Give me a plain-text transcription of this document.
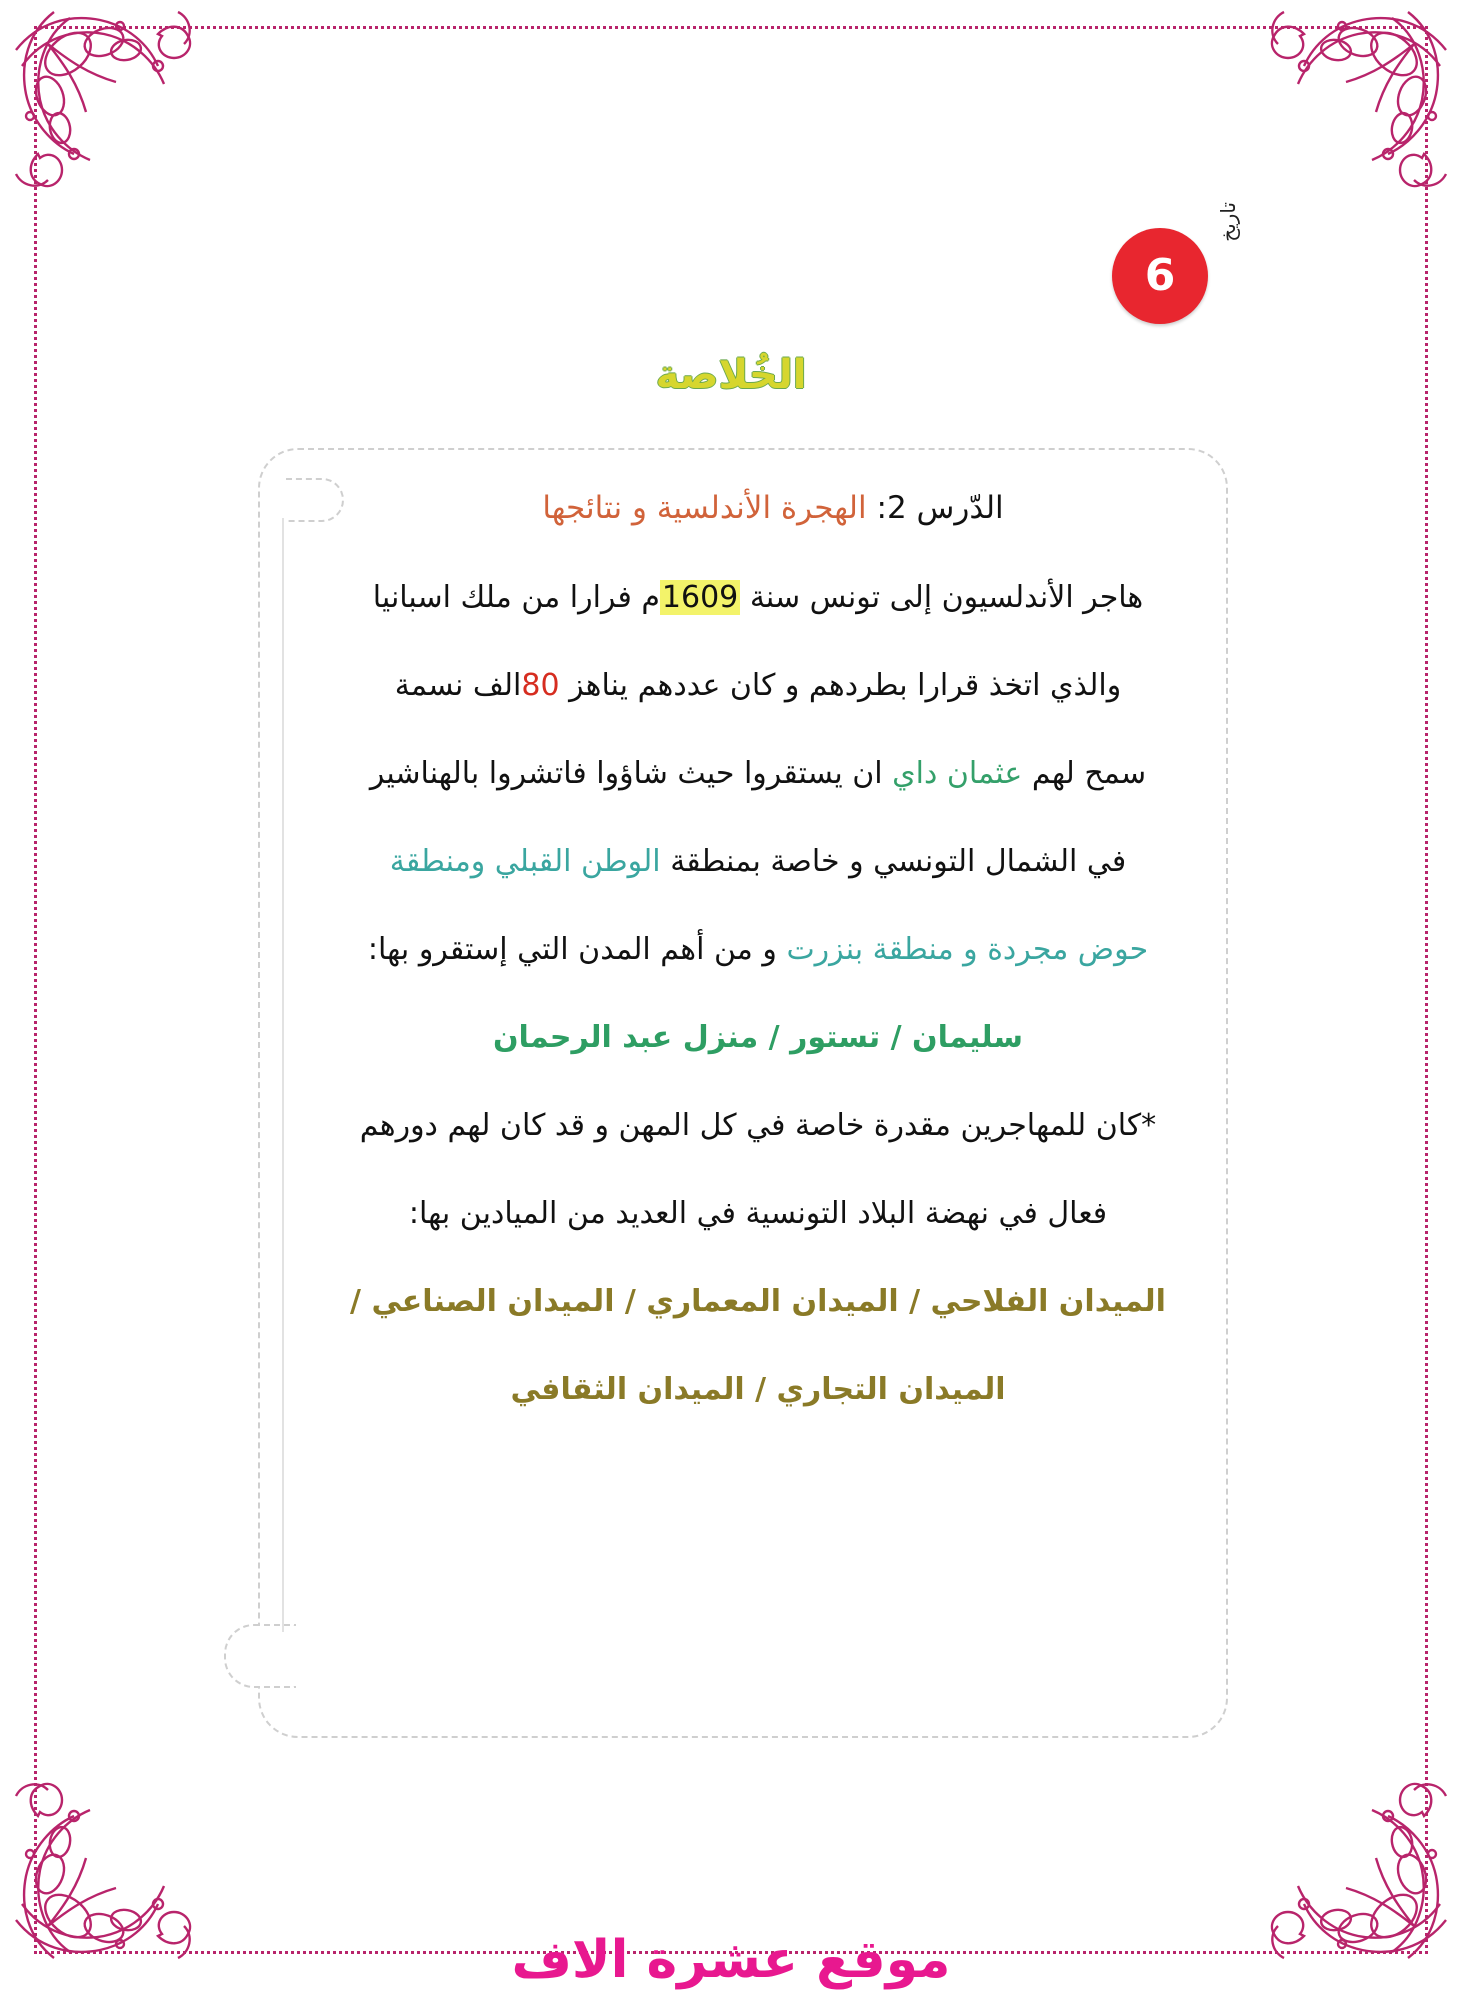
تاريخ
6
الخُلاصة
الدّرس 2: الهجرة الأندلسية و نتائجها

هاجر الأندلسيون إلى تونس سنة 1609م فرارا من ملك اسبانيا

والذي اتخذ قرارا بطردهم و كان عددهم يناهز 80الف نسمة

سمح لهم عثمان داي ان يستقروا حيث شاؤوا فاتشروا بالهناشير

في الشمال التونسي و خاصة بمنطقة الوطن القبلي ومنطقة

حوض مجردة و منطقة بنزرت و من أهم المدن التي إستقرو بها:

سليمان / تستور / منزل عبد الرحمان

*كان للمهاجرين مقدرة خاصة في كل المهن و قد كان لهم دورهم

فعال في نهضة البلاد التونسية في العديد من الميادين بها:

الميدان الفلاحي / الميدان المعماري / الميدان الصناعي /

الميدان التجاري / الميدان الثقافي

موقع عشرة الاف
